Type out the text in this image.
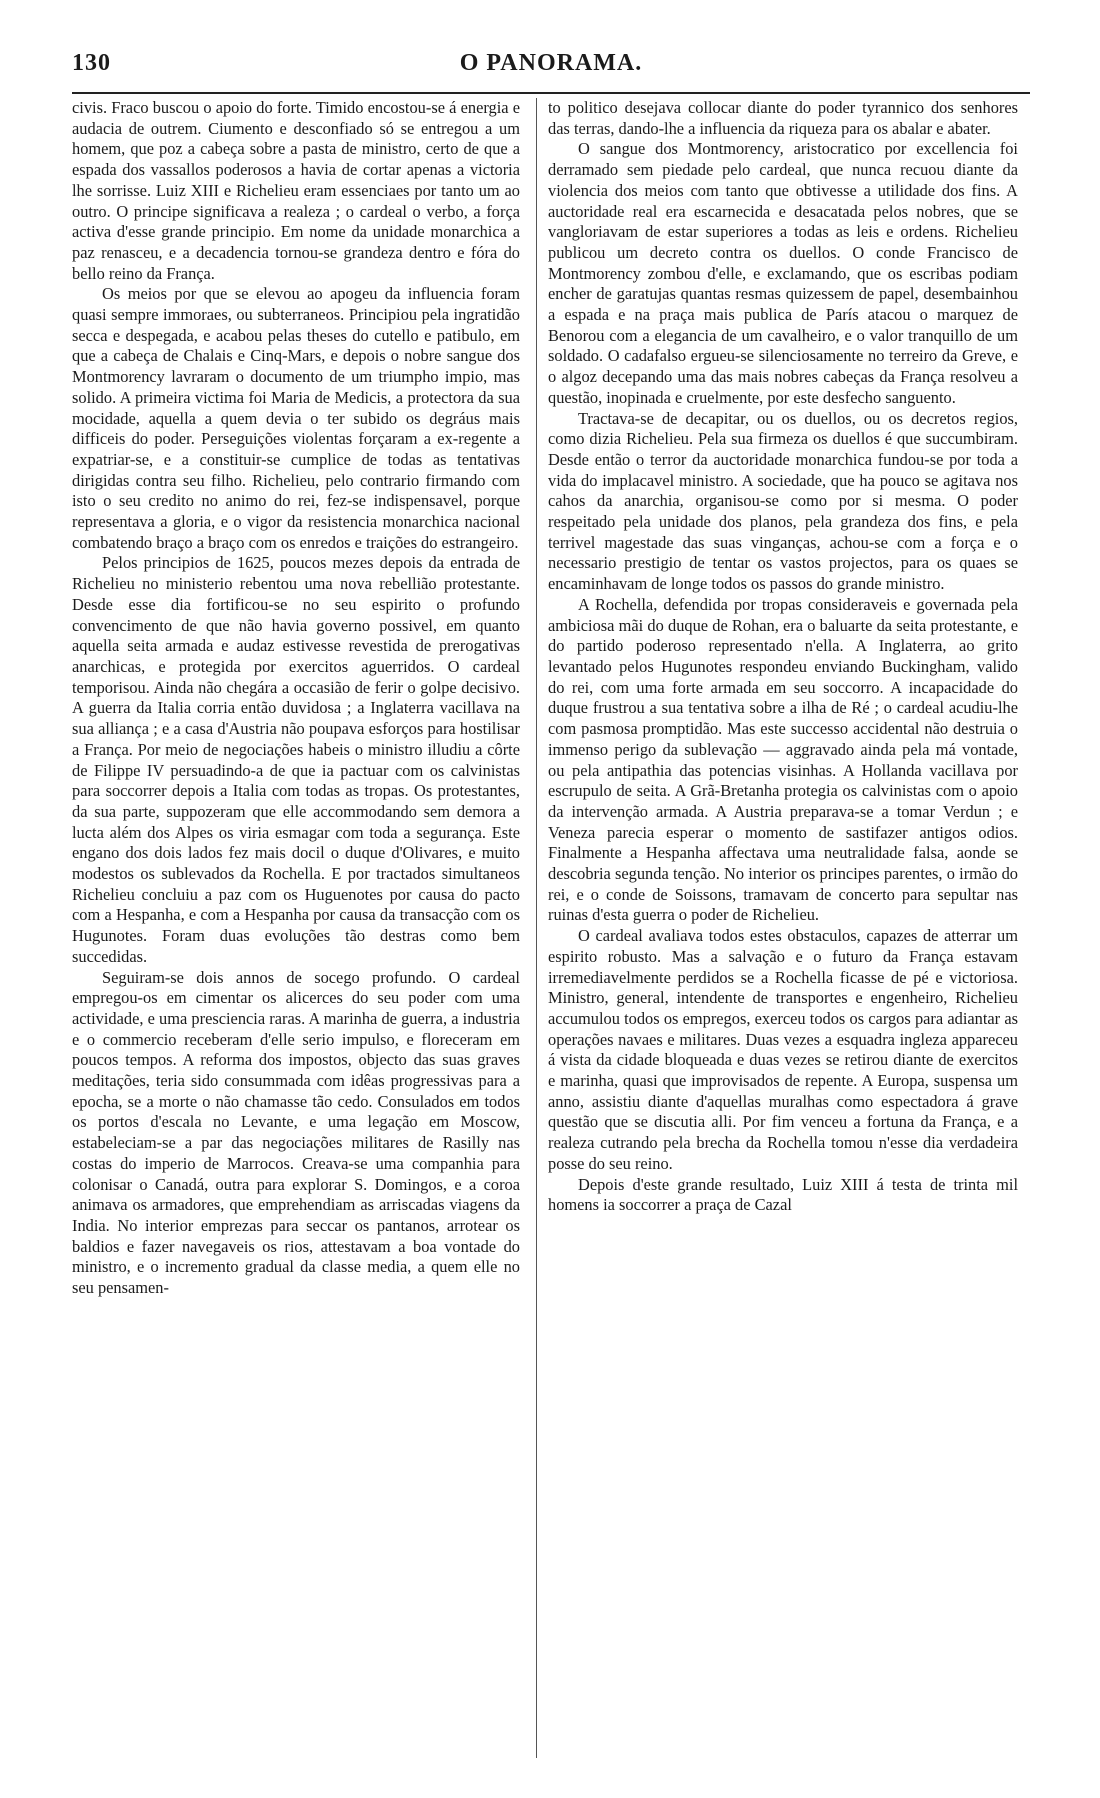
130	O PANORAMA.

civis. Fraco buscou o apoio do forte. Timido encostou-se á energia e audacia de outrem. Ciumento e desconfiado só se entregou a um homem, que poz a cabeça sobre a pasta de ministro, certo de que a espada dos vassallos poderosos a havia de cortar apenas a victoria lhe sorrisse. Luiz XIII e Richelieu eram essenciaes por tanto um ao outro. O principe significava a realeza ; o cardeal o verbo, a força activa d'esse grande principio. Em nome da unidade monarchica a paz renasceu, e a decadencia tornou-se grandeza dentro e fóra do bello reino da França.

Os meios por que se elevou ao apogeu da influencia foram quasi sempre immoraes, ou subterraneos. Principiou pela ingratidão secca e despegada, e acabou pelas theses do cutello e patibulo, em que a cabeça de Chalais e Cinq-Mars, e depois o nobre sangue dos Montmorency lavraram o documento de um triumpho impio, mas solido. A primeira victima foi Maria de Medicis, a protectora da sua mocidade, aquella a quem devia o ter subido os degráus mais difficeis do poder. Perseguições violentas forçaram a ex-regente a expatriar-se, e a constituir-se cumplice de todas as tentativas dirigidas contra seu filho. Richelieu, pelo contrario firmando com isto o seu credito no animo do rei, fez-se indispensavel, porque representava a gloria, e o vigor da resistencia monarchica nacional combatendo braço a braço com os enredos e traições do estrangeiro.

Pelos principios de 1625, poucos mezes depois da entrada de Richelieu no ministerio rebentou uma nova rebellião protestante. Desde esse dia fortificou-se no seu espirito o profundo convencimento de que não havia governo possivel, em quanto aquella seita armada e audaz estivesse revestida de prerogativas anarchicas, e protegida por exercitos aguerridos. O cardeal temporisou. Ainda não chegára a occasião de ferir o golpe decisivo. A guerra da Italia corria então duvidosa ; a Inglaterra vacillava na sua alliança ; e a casa d'Austria não poupava esforços para hostilisar a França. Por meio de negociações habeis o ministro illudiu a côrte de Filippe IV persuadindo-a de que ia pactuar com os calvinistas para soccorrer depois a Italia com todas as tropas. Os protestantes, da sua parte, suppozeram que elle accommodando sem demora a lucta além dos Alpes os viria esmagar com toda a segurança. Este engano dos dois lados fez mais docil o duque d'Olivares, e muito modestos os sublevados da Rochella. E por tractados simultaneos Richelieu concluiu a paz com os Huguenotes por causa do pacto com a Hespanha, e com a Hespanha por causa da transacção com os Hugunotes. Foram duas evoluções tão destras como bem succedidas.

Seguiram-se dois annos de socego profundo. O cardeal empregou-os em cimentar os alicerces do seu poder com uma actividade, e uma presciencia raras. A marinha de guerra, a industria e o commercio receberam d'elle serio impulso, e floreceram em poucos tempos. A reforma dos impostos, objecto das suas graves meditações, teria sido consummada com idêas progressivas para a epocha, se a morte o não chamasse tão cedo. Consulados em todos os portos d'escala no Levante, e uma legação em Moscow, estabeleciam-se a par das negociações militares de Rasilly nas costas do imperio de Marrocos. Creava-se uma companhia para colonisar o Canadá, outra para explorar S. Domingos, e a coroa animava os armadores, que emprehendiam as arriscadas viagens da India. No interior emprezas para seccar os pantanos, arrotear os baldios e fazer navegaveis os rios, attestavam a boa vontade do ministro, e o incremento gradual da classe media, a quem elle no seu pensamen-

to politico desejava collocar diante do poder tyrannico dos senhores das terras, dando-lhe a influencia da riqueza para os abalar e abater.

O sangue dos Montmorency, aristocratico por excellencia foi derramado sem piedade pelo cardeal, que nunca recuou diante da violencia dos meios com tanto que obtivesse a utilidade dos fins. A auctoridade real era escarnecida e desacatada pelos nobres, que se vangloriavam de estar superiores a todas as leis e ordens. Richelieu publicou um decreto contra os duellos. O conde Francisco de Montmorency zombou d'elle, e exclamando, que os escribas podiam encher de garatujas quantas resmas quizessem de papel, desembainhou a espada e na praça mais publica de París atacou o marquez de Benorou com a elegancia de um cavalheiro, e o valor tranquillo de um soldado. O cadafalso ergueu-se silenciosamente no terreiro da Greve, e o algoz decepando uma das mais nobres cabeças da França resolveu a questão, inopinada e cruelmente, por este desfecho sanguento.

Tractava-se de decapitar, ou os duellos, ou os decretos regios, como dizia Richelieu. Pela sua firmeza os duellos é que succumbiram. Desde então o terror da auctoridade monarchica fundou-se por toda a vida do implacavel ministro. A sociedade, que ha pouco se agitava nos cahos da anarchia, organisou-se como por si mesma. O poder respeitado pela unidade dos planos, pela grandeza dos fins, e pela terrivel magestade das suas vinganças, achou-se com a força e o necessario prestigio de tentar os vastos projectos, para os quaes se encaminhavam de longe todos os passos do grande ministro.

A Rochella, defendida por tropas consideraveis e governada pela ambiciosa mãi do duque de Rohan, era o baluarte da seita protestante, e do partido poderoso representado n'ella. A Inglaterra, ao grito levantado pelos Hugunotes respondeu enviando Buckingham, valido do rei, com uma forte armada em seu soccorro. A incapacidade do duque frustrou a sua tentativa sobre a ilha de Ré ; o cardeal acudiu-lhe com pasmosa promptidão. Mas este successo accidental não destruia o immenso perigo da sublevação — aggravado ainda pela má vontade, ou pela antipathia das potencias visinhas. A Hollanda vacillava por escrupulo de seita. A Grã-Bretanha protegia os calvinistas com o apoio da intervenção armada. A Austria preparava-se a tomar Verdun ; e Veneza parecia esperar o momento de sastifazer antigos odios. Finalmente a Hespanha affectava uma neutralidade falsa, aonde se descobria segunda tenção. No interior os principes parentes, o irmão do rei, e o conde de Soissons, tramavam de concerto para sepultar nas ruinas d'esta guerra o poder de Richelieu.

O cardeal avaliava todos estes obstaculos, capazes de atterrar um espirito robusto. Mas a salvação e o futuro da França estavam irremediavelmente perdidos se a Rochella ficasse de pé e victoriosa. Ministro, general, intendente de transportes e engenheiro, Richelieu accumulou todos os empregos, exerceu todos os cargos para adiantar as operações navaes e militares. Duas vezes a esquadra ingleza appareceu á vista da cidade bloqueada e duas vezes se retirou diante de exercitos e marinha, quasi que improvisados de repente. A Europa, suspensa um anno, assistiu diante d'aquellas muralhas como espectadora á grave questão que se discutia alli. Por fim venceu a fortuna da França, e a realeza cutrando pela brecha da Rochella tomou n'esse dia verdadeira posse do seu reino.

Depois d'este grande resultado, Luiz XIII á testa de trinta mil homens ia soccorrer a praça de Cazal
